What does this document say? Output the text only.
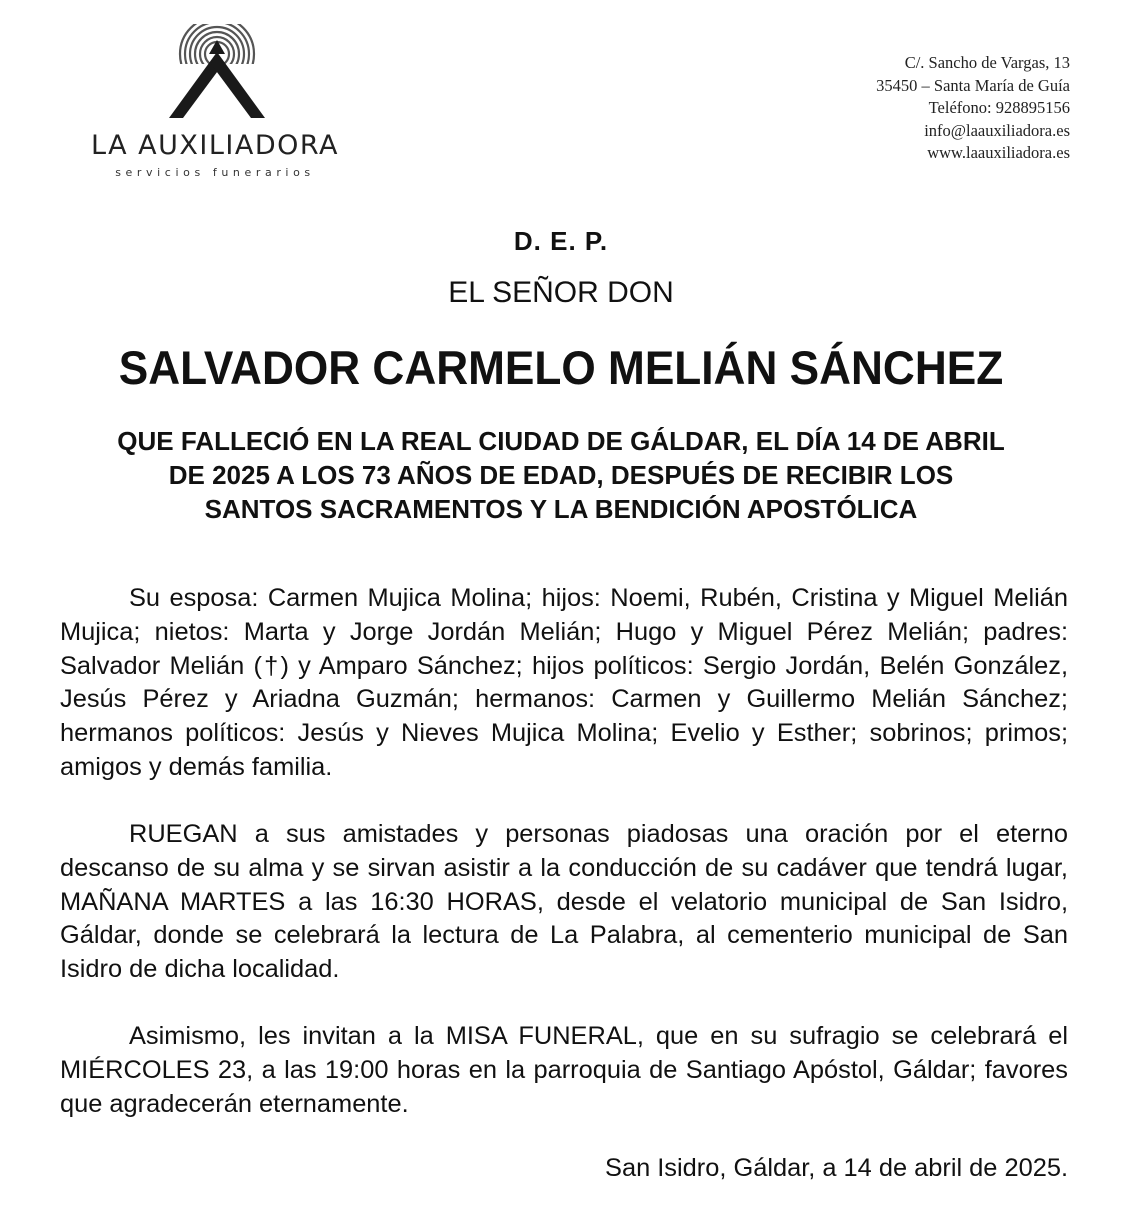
LA AUXILIADORA
servicios funerarios
C/. Sancho de Vargas, 13
35450 – Santa María de Guía
Teléfono: 928895156
info@laauxiliadora.es
www.laauxiliadora.es
D. E. P.
EL SEÑOR DON
SALVADOR CARMELO MELIÁN SÁNCHEZ
QUE FALLECIÓ EN LA REAL CIUDAD DE GÁLDAR, EL DÍA 14 DE ABRIL
DE 2025 A LOS 73 AÑOS DE EDAD, DESPUÉS DE RECIBIR LOS
SANTOS SACRAMENTOS Y LA BENDICIÓN APOSTÓLICA

Su esposa: Carmen Mujica Molina; hijos: Noemi, Rubén, Cristina y Miguel Melián Mujica; nietos: Marta y Jorge Jordán Melián; Hugo y Miguel Pérez Melián; padres: Salvador Melián (†) y Amparo Sánchez; hijos políticos: Sergio Jordán, Belén González, Jesús Pérez y Ariadna Guzmán; hermanos: Carmen y Guillermo Melián Sánchez; hermanos políticos: Jesús y Nieves Mujica Molina; Evelio y Esther; sobrinos; primos; amigos y demás familia.

RUEGAN a sus amistades y personas piadosas una oración por el eterno descanso de su alma y se sirvan asistir a la conducción de su cadáver que tendrá lugar, MAÑANA MARTES a las 16:30 HORAS, desde el velatorio municipal de San Isidro, Gáldar, donde se celebrará la lectura de La Palabra, al cementerio municipal de San Isidro de dicha localidad.

Asimismo, les invitan a la MISA FUNERAL, que en su sufragio se celebrará el MIÉRCOLES 23, a las 19:00 horas en la parroquia de Santiago Apóstol, Gáldar; favores que agradecerán eternamente.

San Isidro, Gáldar, a 14 de abril de 2025.
